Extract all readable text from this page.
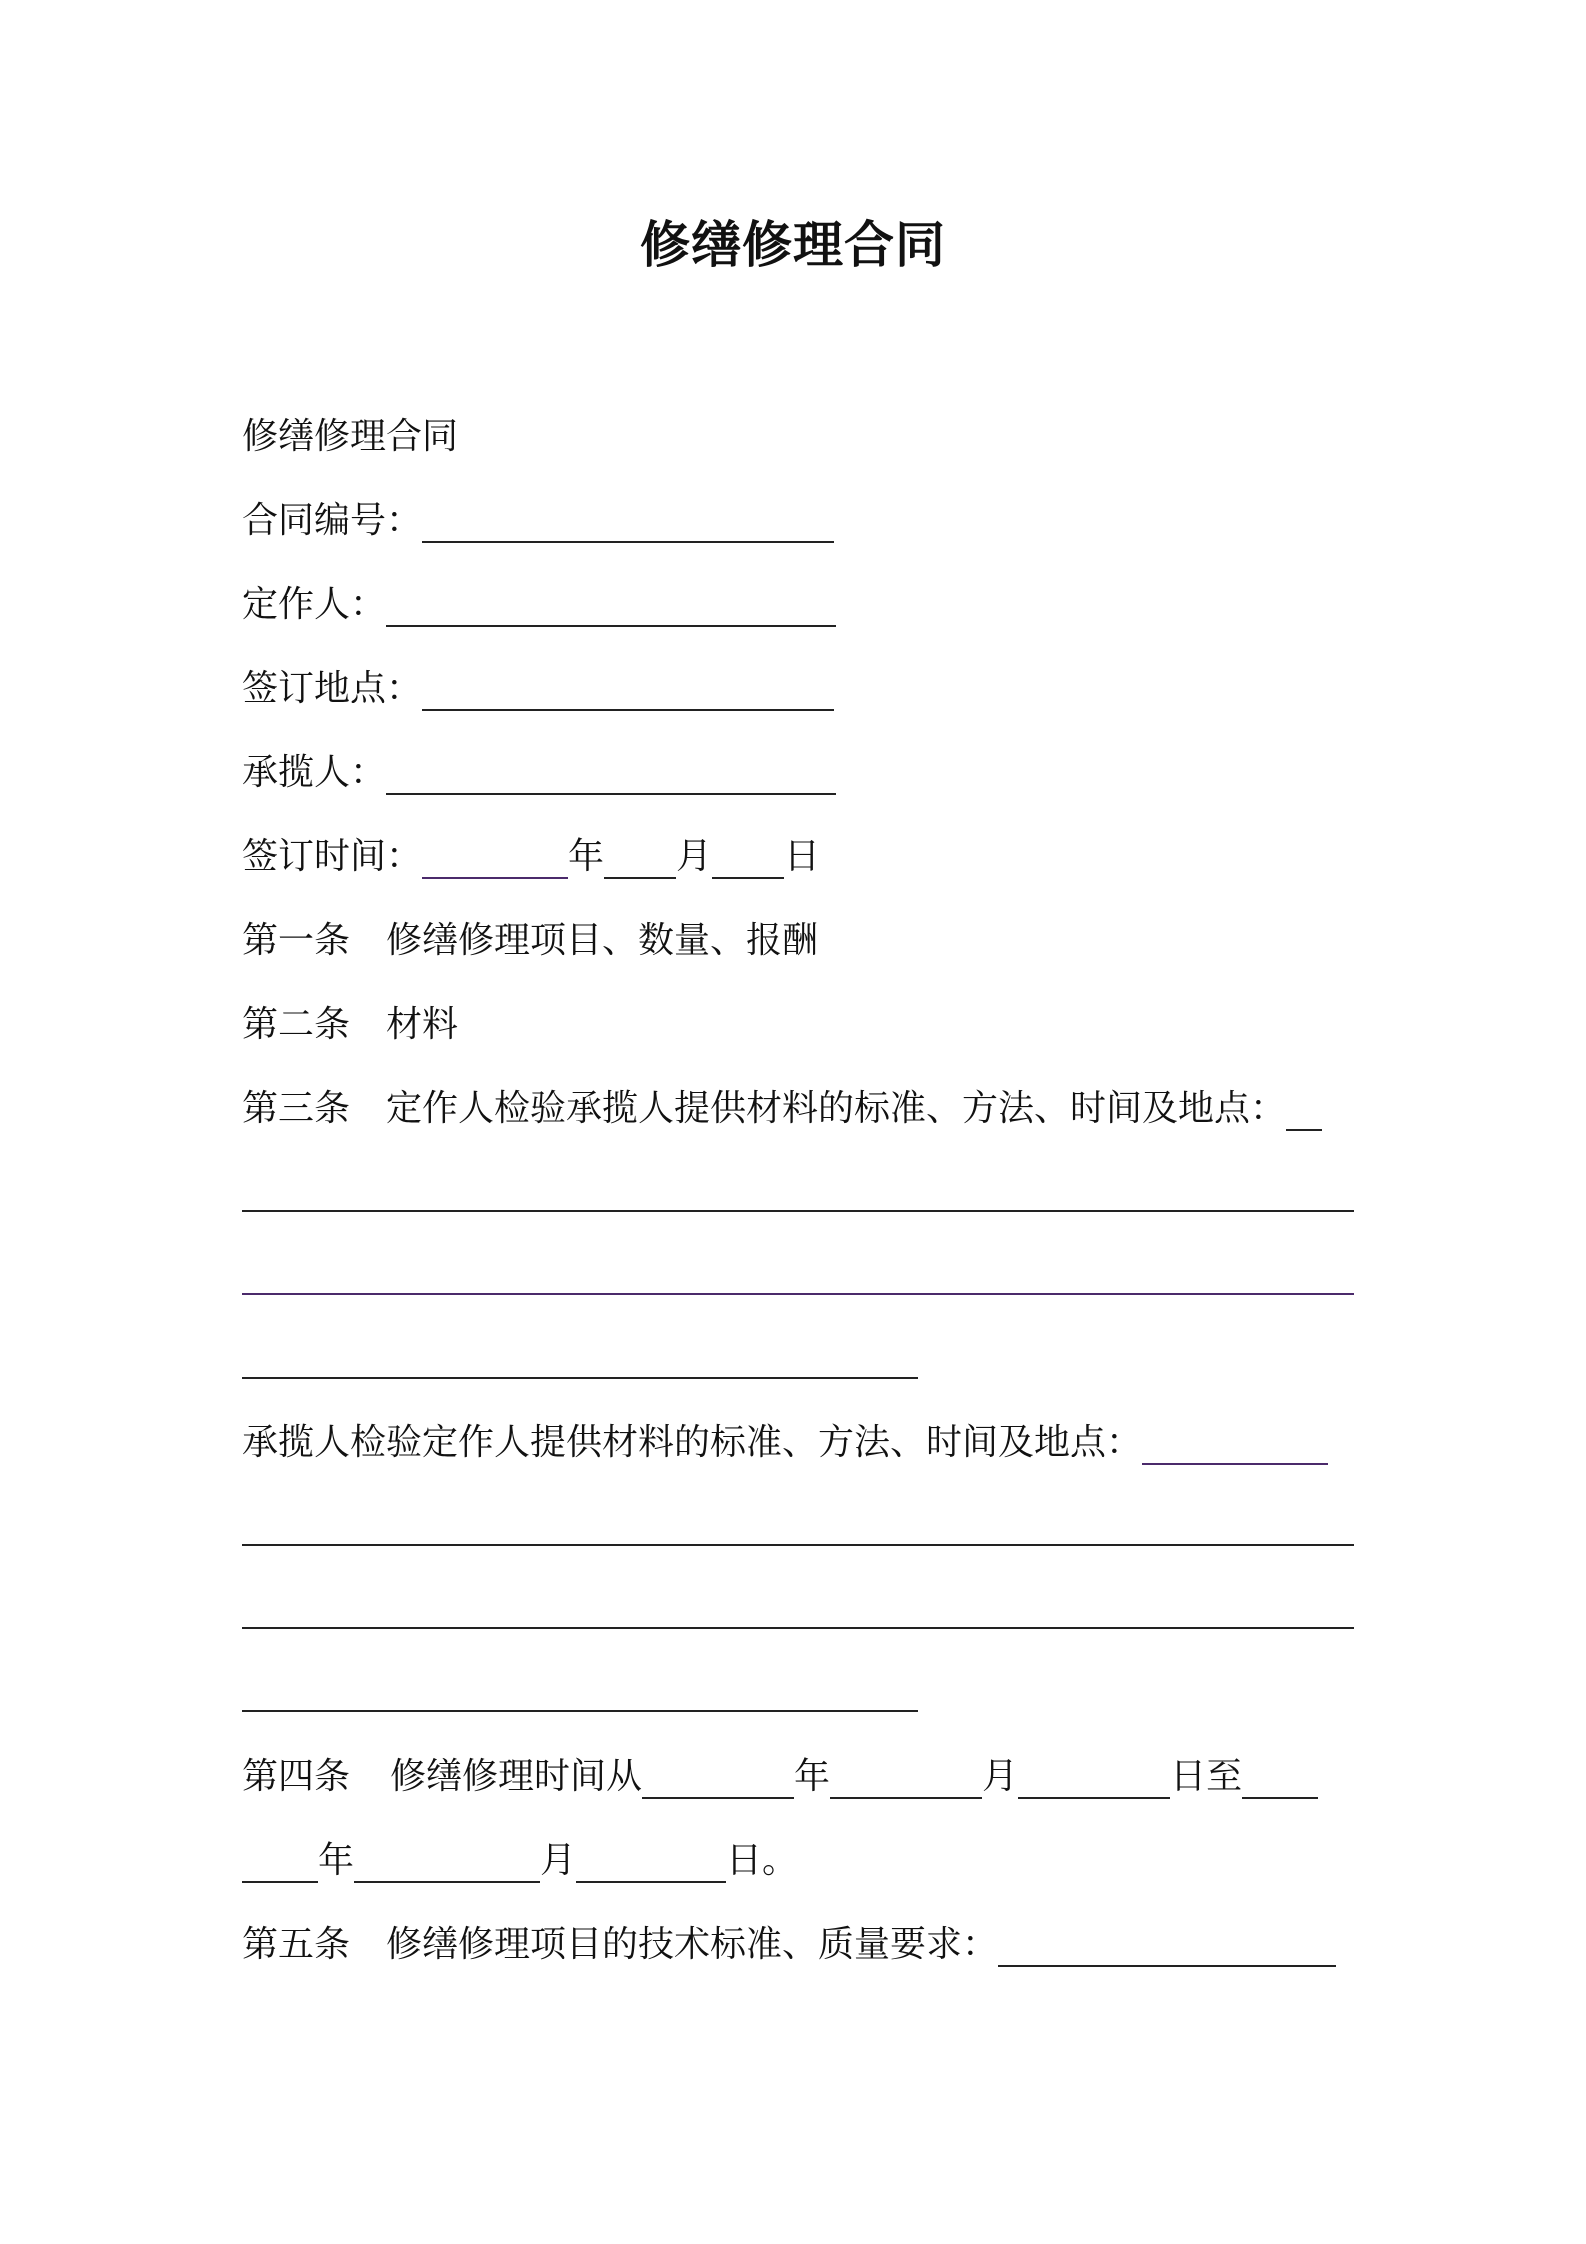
修缮修理合同
修缮修理合同
合同编号：
定作人：
签订地点：
承揽人：
签订时间：	年 月 日
第一条 修缮修理项目、数量、报酬
第二条 材料
第三条 定作人检验承揽人提供材料的标准、方法、时间及地点：
承揽人检验定作人提供材料的标准、方法、时间及地点：
第四条 修缮修理时间从	年	月	日至
年	月	日。
第五条 修缮修理项目的技术标准、质量要求：
